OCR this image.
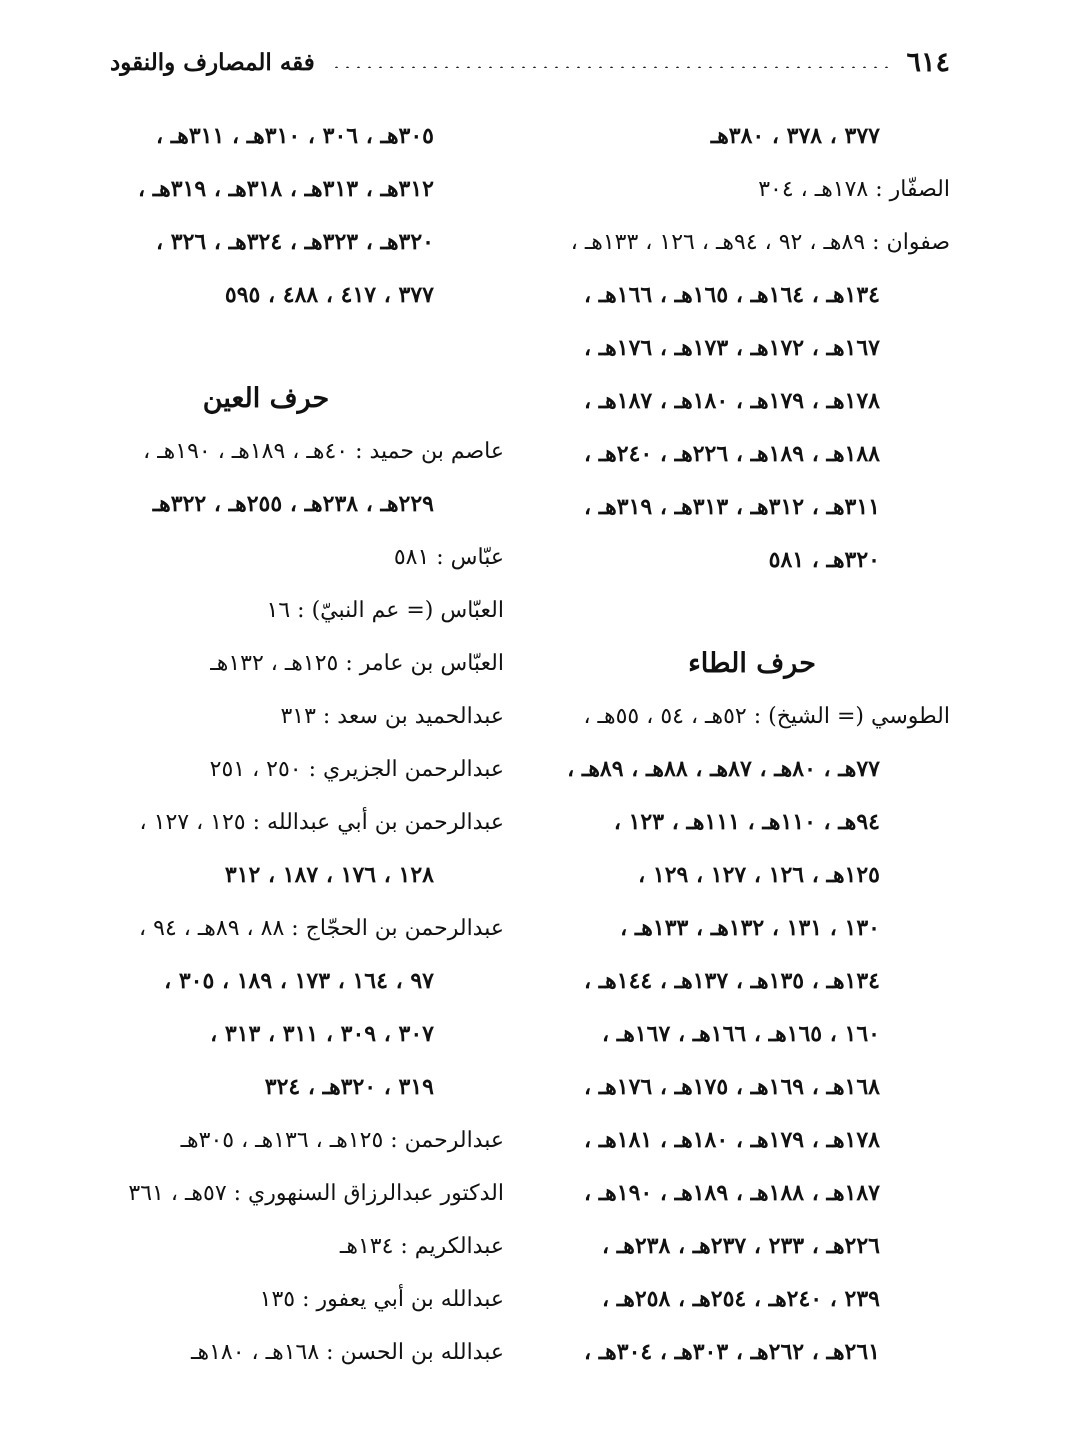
٦١٤
فقه المصارف والنقود
٣٧٧ ، ٣٧٨ ، ٣٨٠هـ
الصفّار : ١٧٨هـ ، ٣٠٤
صفوان : ٨٩هـ ، ٩٢ ، ٩٤هـ ، ١٢٦ ، ١٣٣هـ ،
١٣٤هـ ، ١٦٤هـ ، ١٦٥هـ ، ١٦٦هـ ،
١٦٧هـ ، ١٧٢هـ ، ١٧٣هـ ، ١٧٦هـ ،
١٧٨هـ ، ١٧٩هـ ، ١٨٠هـ ، ١٨٧هـ ،
١٨٨هـ ، ١٨٩هـ ، ٢٢٦هـ ، ٢٤٠هـ ،
٣١١هـ ، ٣١٢هـ ، ٣١٣هـ ، ٣١٩هـ ،
٣٢٠هـ ، ٥٨١
حرف الطاء
الطوسي (= الشيخ) : ٥٢هـ ، ٥٤ ، ٥٥هـ ،
٧٧هـ ، ٨٠هـ ، ٨٧هـ ، ٨٨هـ ، ٨٩هـ ،
٩٤هـ ، ١١٠هـ ، ١١١هـ ، ١٢٣ ،
١٢٥هـ ، ١٢٦ ، ١٢٧ ، ١٢٩ ،
١٣٠ ، ١٣١ ، ١٣٢هـ ، ١٣٣هـ ،
١٣٤هـ ، ١٣٥هـ ، ١٣٧هـ ، ١٤٤هـ ،
١٦٠ ، ١٦٥هـ ، ١٦٦هـ ، ١٦٧هـ ،
١٦٨هـ ، ١٦٩هـ ، ١٧٥هـ ، ١٧٦هـ ،
١٧٨هـ ، ١٧٩هـ ، ١٨٠هـ ، ١٨١هـ ،
١٨٧هـ ، ١٨٨هـ ، ١٨٩هـ ، ١٩٠هـ ،
٢٢٦هـ ، ٢٣٣ ، ٢٣٧هـ ، ٢٣٨هـ ،
٢٣٩ ، ٢٤٠هـ ، ٢٥٤هـ ، ٢٥٨هـ ،
٢٦١هـ ، ٢٦٢هـ ، ٣٠٣هـ ، ٣٠٤هـ ،
٣٠٥هـ ، ٣٠٦ ، ٣١٠هـ ، ٣١١هـ ،
٣١٢هـ ، ٣١٣هـ ، ٣١٨هـ ، ٣١٩هـ ،
٣٢٠هـ ، ٣٢٣هـ ، ٣٢٤هـ ، ٣٢٦ ،
٣٧٧ ، ٤١٧ ، ٤٨٨ ، ٥٩٥
حرف العين
عاصم بن حميد : ٤٠هـ ، ١٨٩هـ ، ١٩٠هـ ،
٢٢٩هـ ، ٢٣٨هـ ، ٢٥٥هـ ، ٣٢٢هـ
عبّاس : ٥٨١
العبّاس (= عم النبيّ) : ١٦
العبّاس بن عامر : ١٢٥هـ ، ١٣٢هـ
عبدالحميد بن سعد : ٣١٣
عبدالرحمن الجزيري : ٢٥٠ ، ٢٥١
عبدالرحمن بن أبي عبدالله : ١٢٥ ، ١٢٧ ،
١٢٨ ، ١٧٦ ، ١٨٧ ، ٣١٢
عبدالرحمن بن الحجّاج : ٨٨ ، ٨٩هـ ، ٩٤ ،
٩٧ ، ١٦٤ ، ١٧٣ ، ١٨٩ ، ٣٠٥ ،
٣٠٧ ، ٣٠٩ ، ٣١١ ، ٣١٣ ،
٣١٩ ، ٣٢٠هـ ، ٣٢٤
عبدالرحمن : ١٢٥هـ ، ١٣٦هـ ، ٣٠٥هـ
الدكتور عبدالرزاق السنهوري : ٥٧هـ ، ٣٦١
عبدالكريم : ١٣٤هـ
عبدالله بن أبي يعفور : ١٣٥
عبدالله بن الحسن : ١٦٨هـ ، ١٨٠هـ
